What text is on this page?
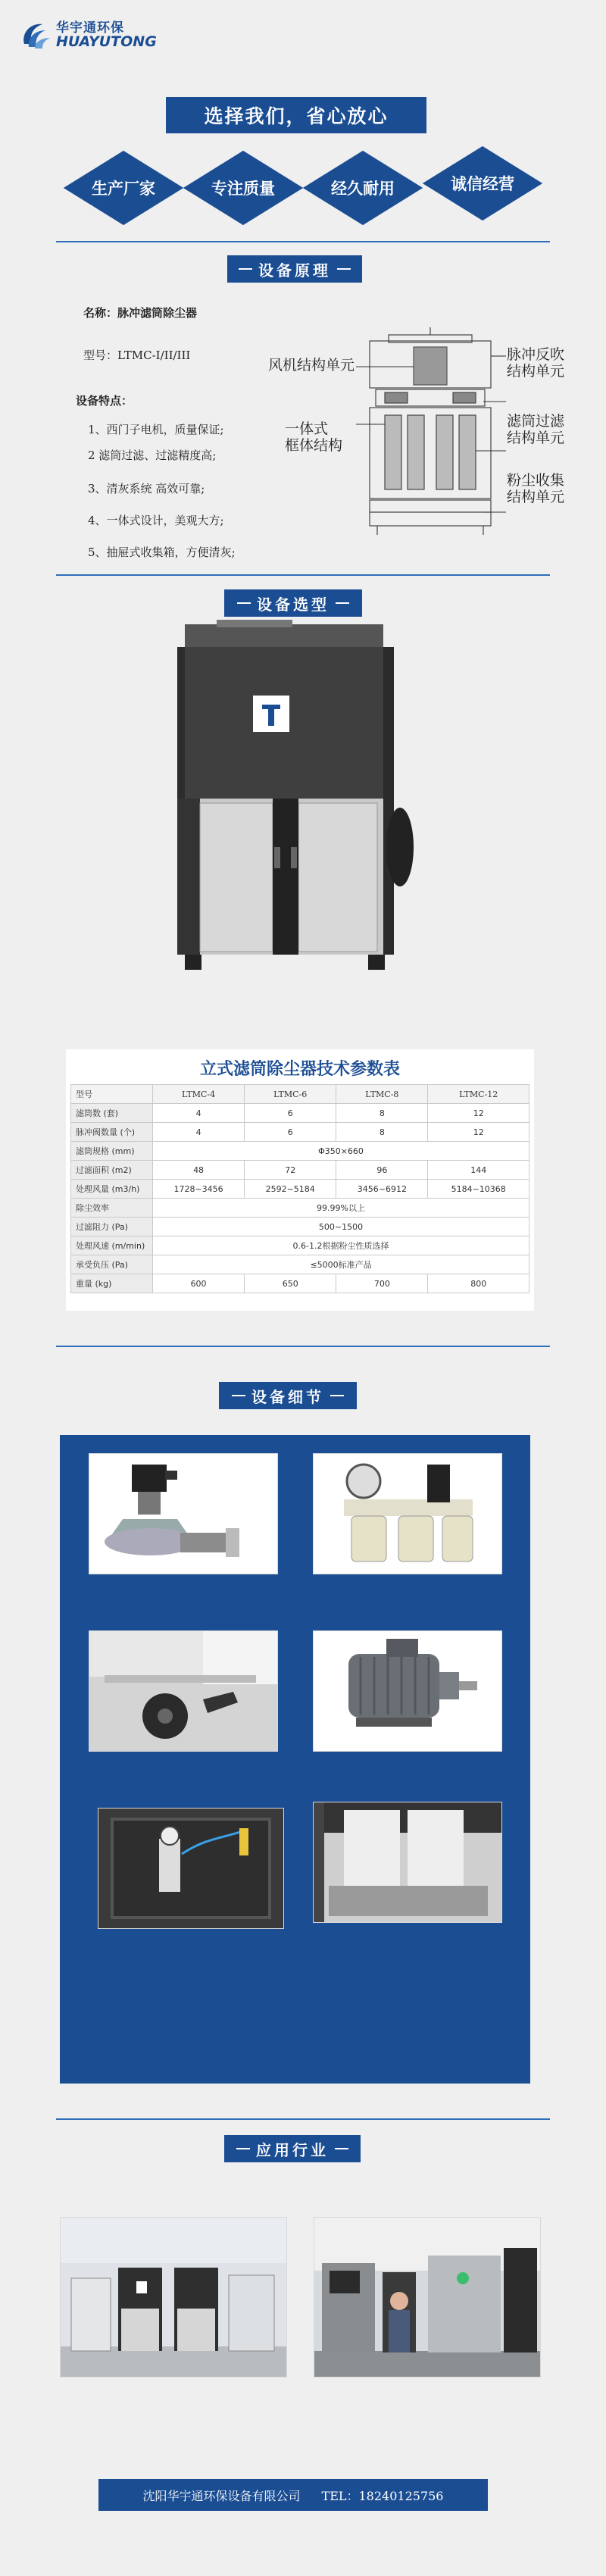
华宇通环保
HUAYUTONG
选择我们，省心放心
生产厂家	专注质量	经久耐用	诚信经营
设备原理
名称：脉冲滤筒除尘器
型号：LTMC-I/II/III
设备特点：
1、西门子电机，质量保证;
2 滤筒过滤、过滤精度高;
3、清灰系统 高效可靠;
4、一体式设计，美观大方;
5、抽屉式收集箱，方便清灰;
风机结构单元
一体式
框体结构
脉冲反吹
结构单元
滤筒过滤
结构单元
粉尘收集
结构单元
设备选型
立式滤筒除尘器技术参数表
型号	LTMC-4	LTMC-6	LTMC-8	LTMC-12
滤筒数 (套)	4	6	8	12
脉冲阀数量 (个)	4	6	8	12
滤筒规格 (mm)	Φ350×660			
过滤面积 (m2)	48	72	96	144
处理风量 (m3/h)	1728~3456	2592~5184	3456~6912	5184~10368
除尘效率	99.99%以上			
过滤阻力 (Pa)	500~1500			
处理风速 (m/min)	0.6-1.2根据粉尘性质选择			
承受负压 (Pa)	≤5000标准产品			
重量 (kg)	600	650	700	800
设备细节
应用行业
沈阳华宇通环保设备有限公司 TEL：18240125756
